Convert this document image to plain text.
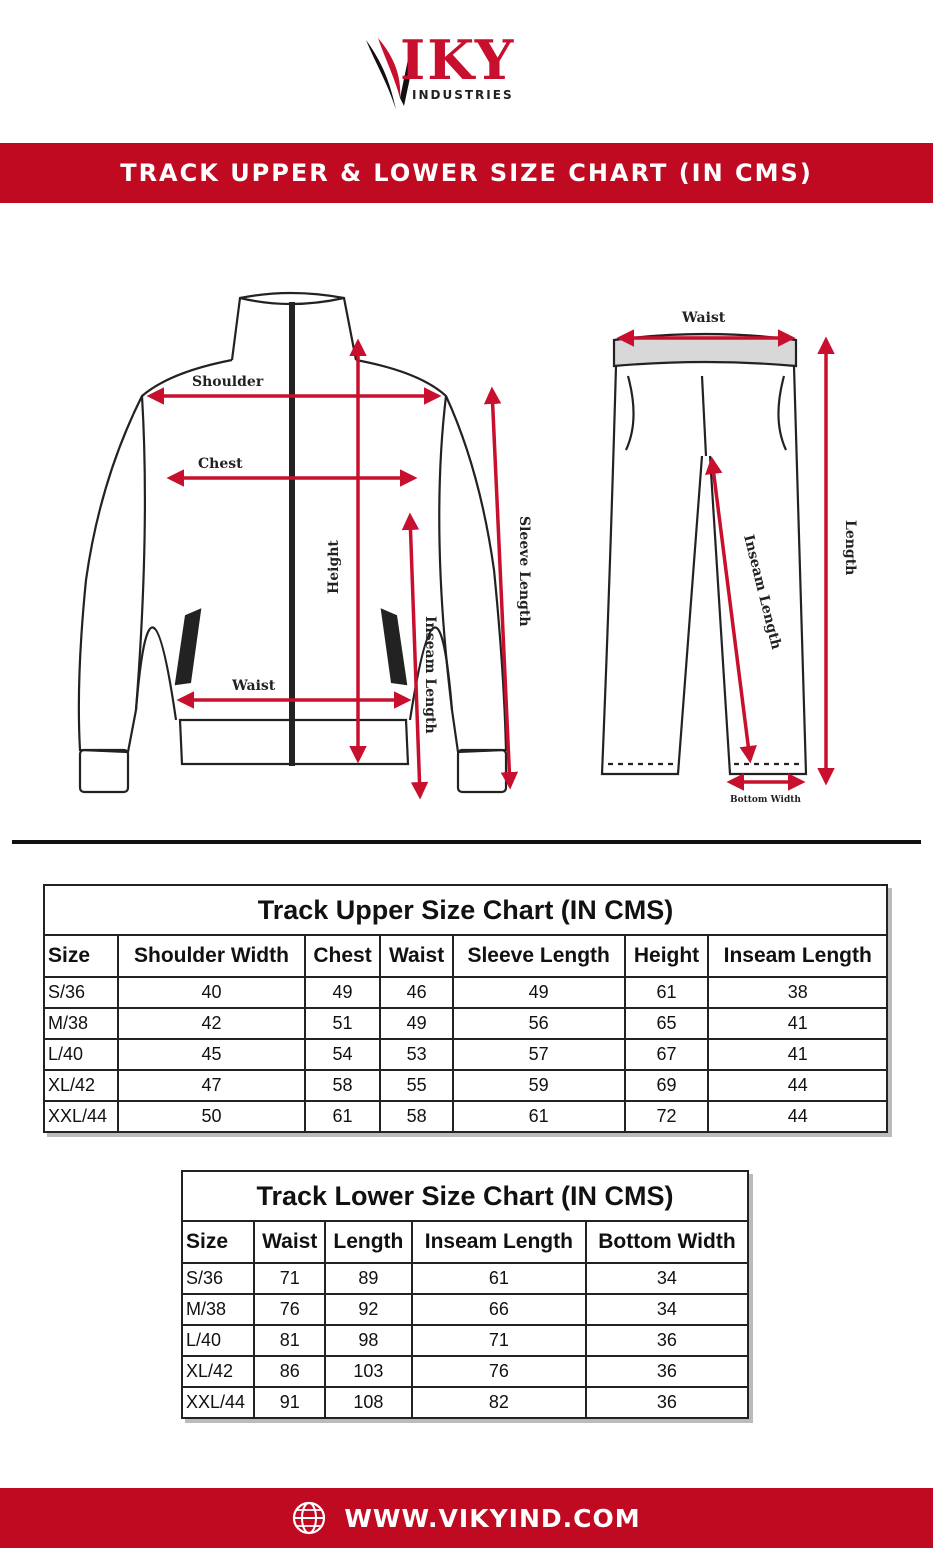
IKY
INDUSTRIES
TRACK UPPER & LOWER SIZE CHART (IN CMS)
Shoulder
Chest
Waist
Height	Sleeve Length
Inseam Length
Waist
Length
Inseam Length
Bottom Width
Track Upper Size Chart (IN CMS)						
Size	Shoulder Width	Chest	Waist	Sleeve Length	Height	Inseam Length
S/36	40	49	46	49	61	38
M/38	42	51	49	56	65	41
L/40	45	54	53	57	67	41
XL/42	47	58	55	59	69	44
XXL/44	50	61	58	61	72	44
Track Lower Size Chart (IN CMS)				
Size	Waist	Length	Inseam Length	Bottom Width
S/36	71	89	61	34
M/38	76	92	66	34
L/40	81	98	71	36
XL/42	86	103	76	36
XXL/44	91	108	82	36
WWW.VIKYIND.COM
